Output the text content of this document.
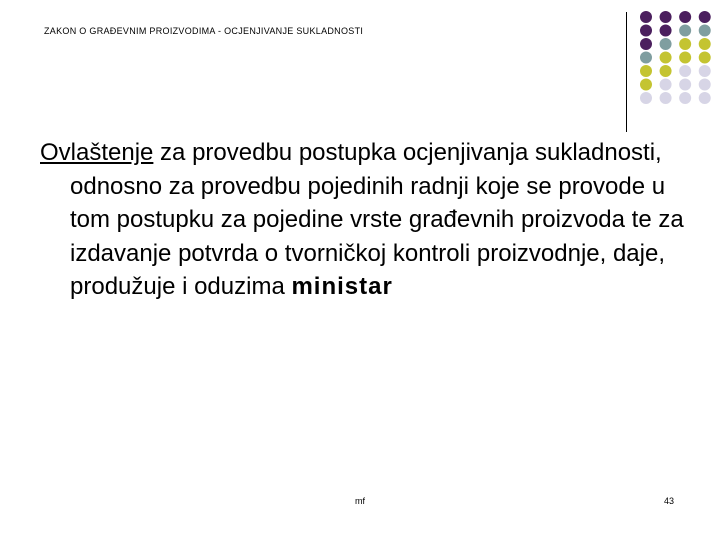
ZAKON O GRAĐEVNIM PROIZVODIMA - OCJENJIVANJE SUKLADNOSTI
Ovlaštenje za provedbu postupka ocjenjivanja sukladnosti, odnosno za provedbu pojedinih radnji koje se provode u tom postupku za pojedine vrste građevnih proizvoda te za izdavanje potvrda o tvorničkoj kontroli proizvodnje, daje, produžuje i oduzima ministar
mf	43
